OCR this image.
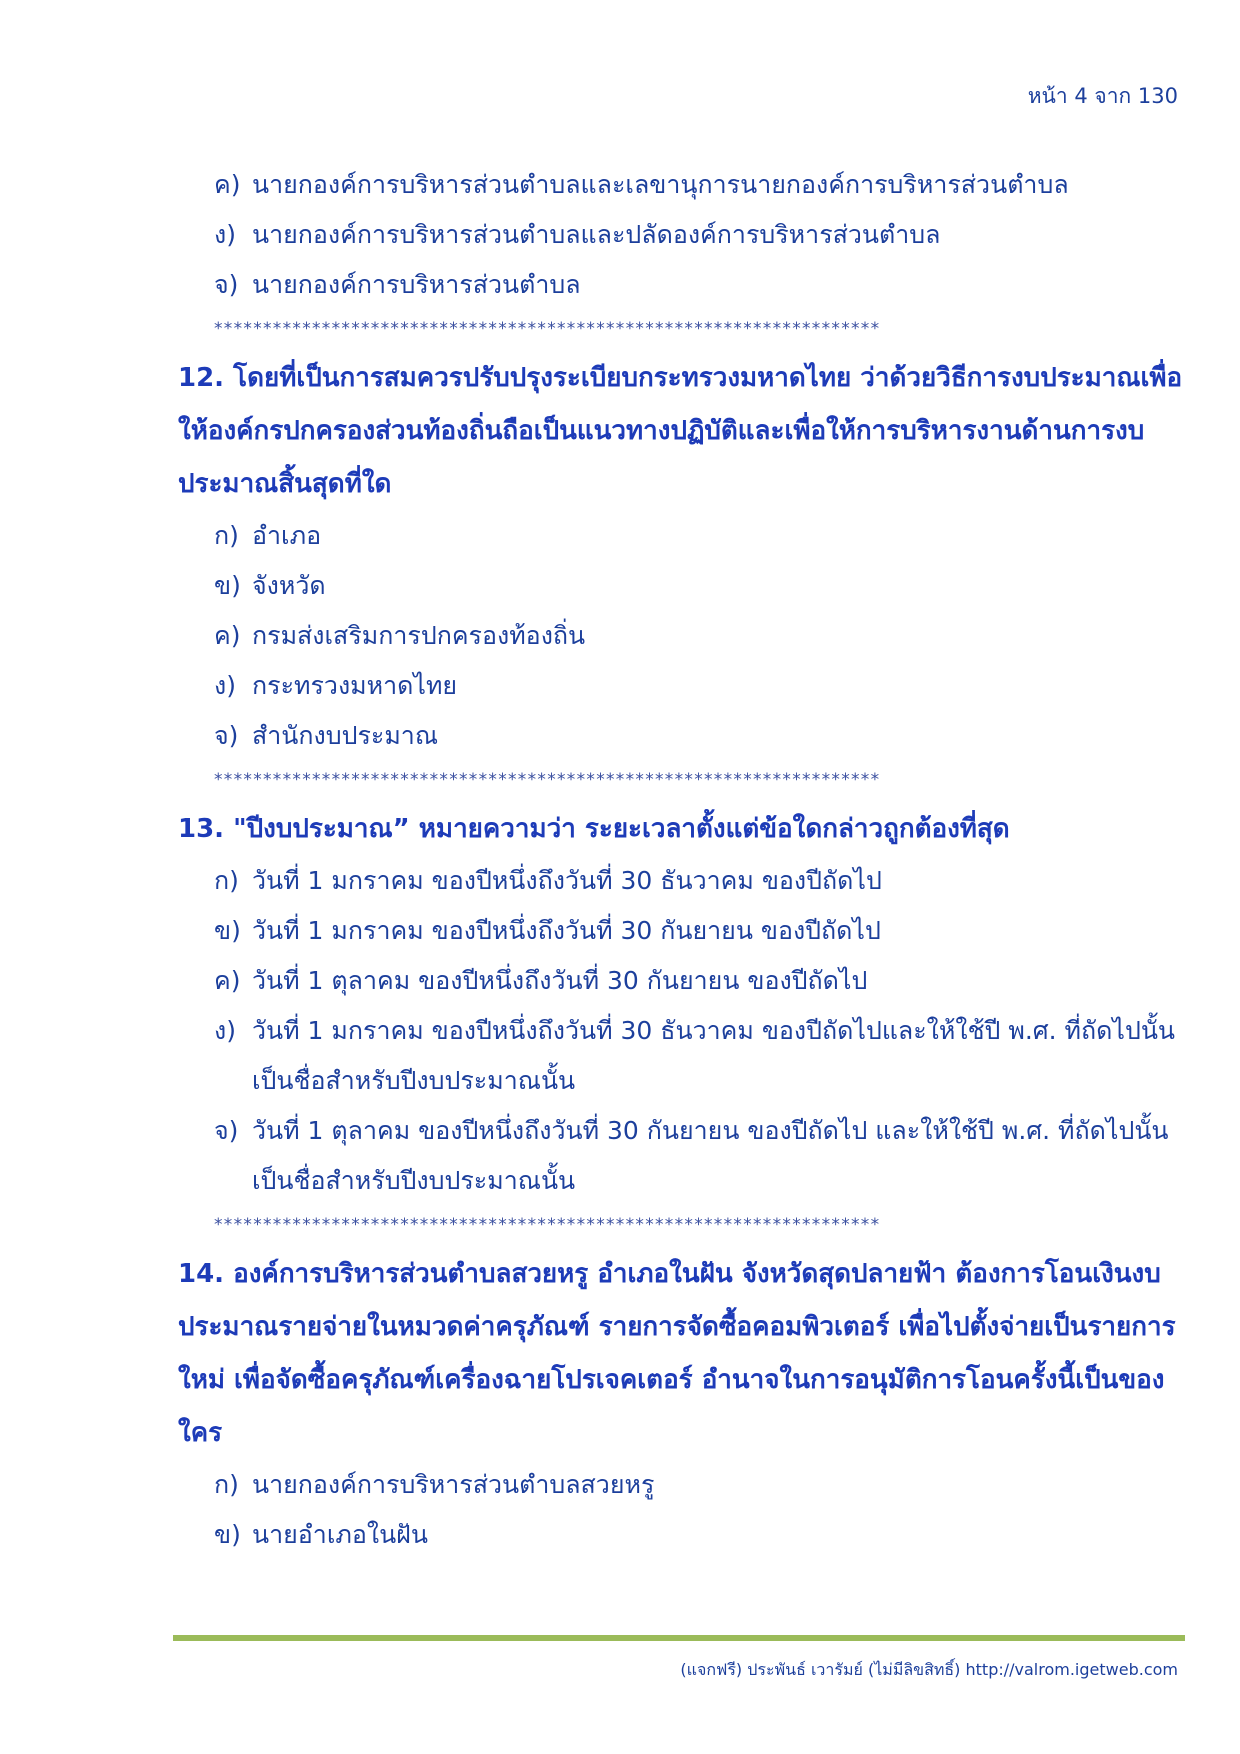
หน้า 4 จาก 130
ค) นายกองค์การบริหารส่วนตำบลและเลขานุการนายกองค์การบริหารส่วนตำบล
ง) นายกองค์การบริหารส่วนตำบลและปลัดองค์การบริหารส่วนตำบล
จ) นายกองค์การบริหารส่วนตำบล
********************************************************************
12. โดยที่เป็นการสมควรปรับปรุงระเบียบกระทรวงมหาดไทย ว่าด้วยวิธีการงบประมาณเพื่อให้องค์กรปกครองส่วนท้องถิ่นถือเป็นแนวทางปฏิบัติและเพื่อให้การบริหารงานด้านการงบประมาณสิ้นสุดที่ใด
ก) อำเภอ
ข) จังหวัด
ค) กรมส่งเสริมการปกครองท้องถิ่น
ง) กระทรวงมหาดไทย
จ) สำนักงบประมาณ
********************************************************************
13. "ปีงบประมาณ” หมายความว่า ระยะเวลาตั้งแต่ข้อใดกล่าวถูกต้องที่สุด
ก) วันที่ 1 มกราคม ของปีหนึ่งถึงวันที่ 30 ธันวาคม ของปีถัดไป
ข) วันที่ 1 มกราคม ของปีหนึ่งถึงวันที่ 30 กันยายน ของปีถัดไป
ค) วันที่ 1 ตุลาคม ของปีหนึ่งถึงวันที่ 30 กันยายน ของปีถัดไป
ง) วันที่ 1 มกราคม ของปีหนึ่งถึงวันที่ 30 ธันวาคม ของปีถัดไปและให้ใช้ปี พ.ศ. ที่ถัดไปนั้นเป็นชื่อสำหรับปีงบประมาณนั้น
จ) วันที่ 1 ตุลาคม ของปีหนึ่งถึงวันที่ 30 กันยายน ของปีถัดไป และให้ใช้ปี พ.ศ. ที่ถัดไปนั้นเป็นชื่อสำหรับปีงบประมาณนั้น
********************************************************************
14. องค์การบริหารส่วนตำบลสวยหรู อำเภอในฝัน จังหวัดสุดปลายฟ้า ต้องการโอนเงินงบประมาณรายจ่ายในหมวดค่าครุภัณฑ์ รายการจัดซื้อคอมพิวเตอร์ เพื่อไปตั้งจ่ายเป็นรายการใหม่ เพื่อจัดซื้อครุภัณฑ์เครื่องฉายโปรเจคเตอร์ อำนาจในการอนุมัติการโอนครั้งนี้เป็นของใคร
ก) นายกองค์การบริหารส่วนตำบลสวยหรู
ข) นายอำเภอในฝัน
(แจกฟรี) ประพันธ์ เวารัมย์ (ไม่มีลิขสิทธิ์) http://valrom.igetweb.com
